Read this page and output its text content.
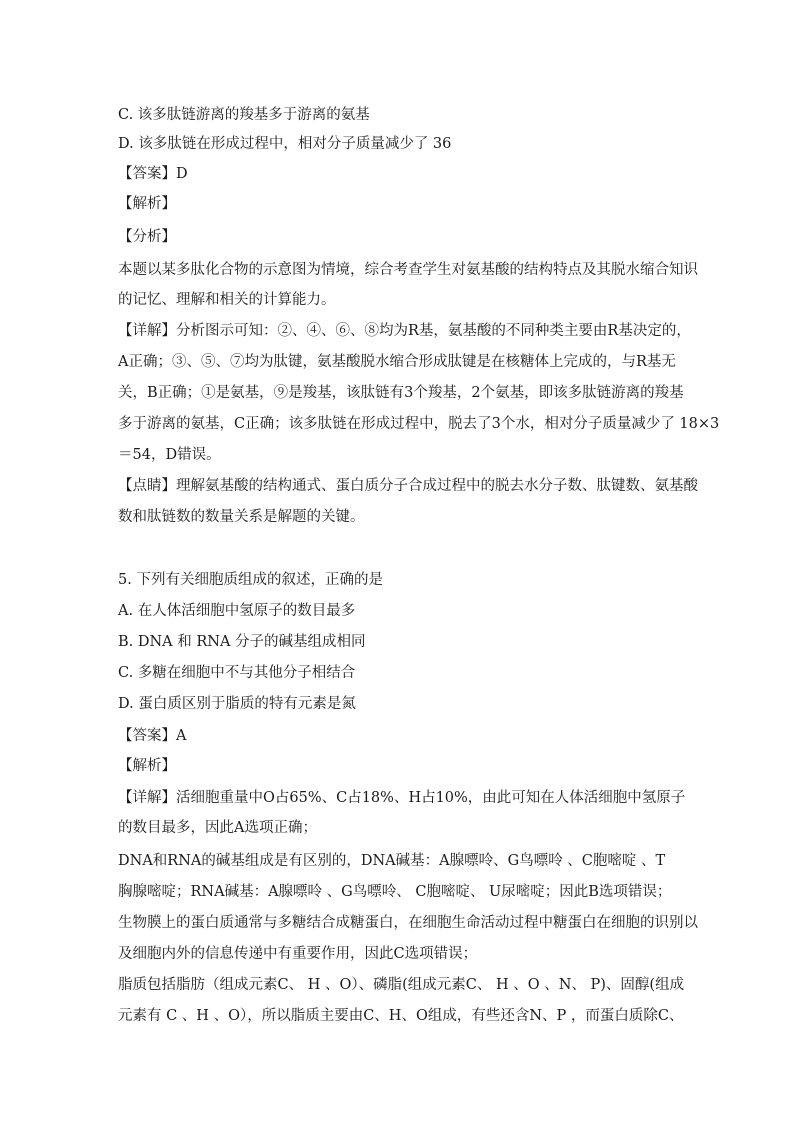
C. 该多肽链游离的羧基多于游离的氨基
D. 该多肽链在形成过程中，相对分子质量减少了 36
【答案】D
【解析】
【分析】
本题以某多肽化合物的示意图为情境，综合考查学生对氨基酸的结构特点及其脱水缩合知识
的记忆、理解和相关的计算能力。
【详解】分析图示可知：②、④、⑥、⑧均为R基，氨基酸的不同种类主要由R基决定的，
A正确；③、⑤、⑦均为肽键，氨基酸脱水缩合形成肽键是在核糖体上完成的，与R基无
关，B正确；①是氨基，⑨是羧基，该肽链有3个羧基，2个氨基，即该多肽链游离的羧基
多于游离的氨基，C正确；该多肽链在形成过程中，脱去了3个水，相对分子质量减少了 18×3
＝54，D错误。
【点睛】理解氨基酸的结构通式、蛋白质分子合成过程中的脱去水分子数、肽键数、氨基酸
数和肽链数的数量关系是解题的关键。
5. 下列有关细胞质组成的叙述，正确的是
A. 在人体活细胞中氢原子的数目最多
B. DNA 和 RNA 分子的碱基组成相同
C. 多糖在细胞中不与其他分子相结合
D. 蛋白质区别于脂质的特有元素是氮
【答案】A
【解析】
【详解】活细胞重量中O占65%、C占18%、H占10%，由此可知在人体活细胞中氢原子
的数目最多，因此A选项正确；
DNA和RNA的碱基组成是有区别的，DNA碱基：A腺嘌呤、G鸟嘌呤 、C胞嘧啶 、T
胸腺嘧啶；RNA碱基：A腺嘌呤 、G鸟嘌呤、 C胞嘧啶、 U尿嘧啶；因此B选项错误；
生物膜上的蛋白质通常与多糖结合成糖蛋白，在细胞生命活动过程中糖蛋白在细胞的识别以
及细胞内外的信息传递中有重要作用，因此C选项错误；
脂质包括脂肪（组成元素C、 H 、O）、磷脂(组成元素C、 H 、O 、N、 P)、固醇(组成
元素有 C 、H 、O），所以脂质主要由C、H、O组成，有些还含N、P ，而蛋白质除C、
